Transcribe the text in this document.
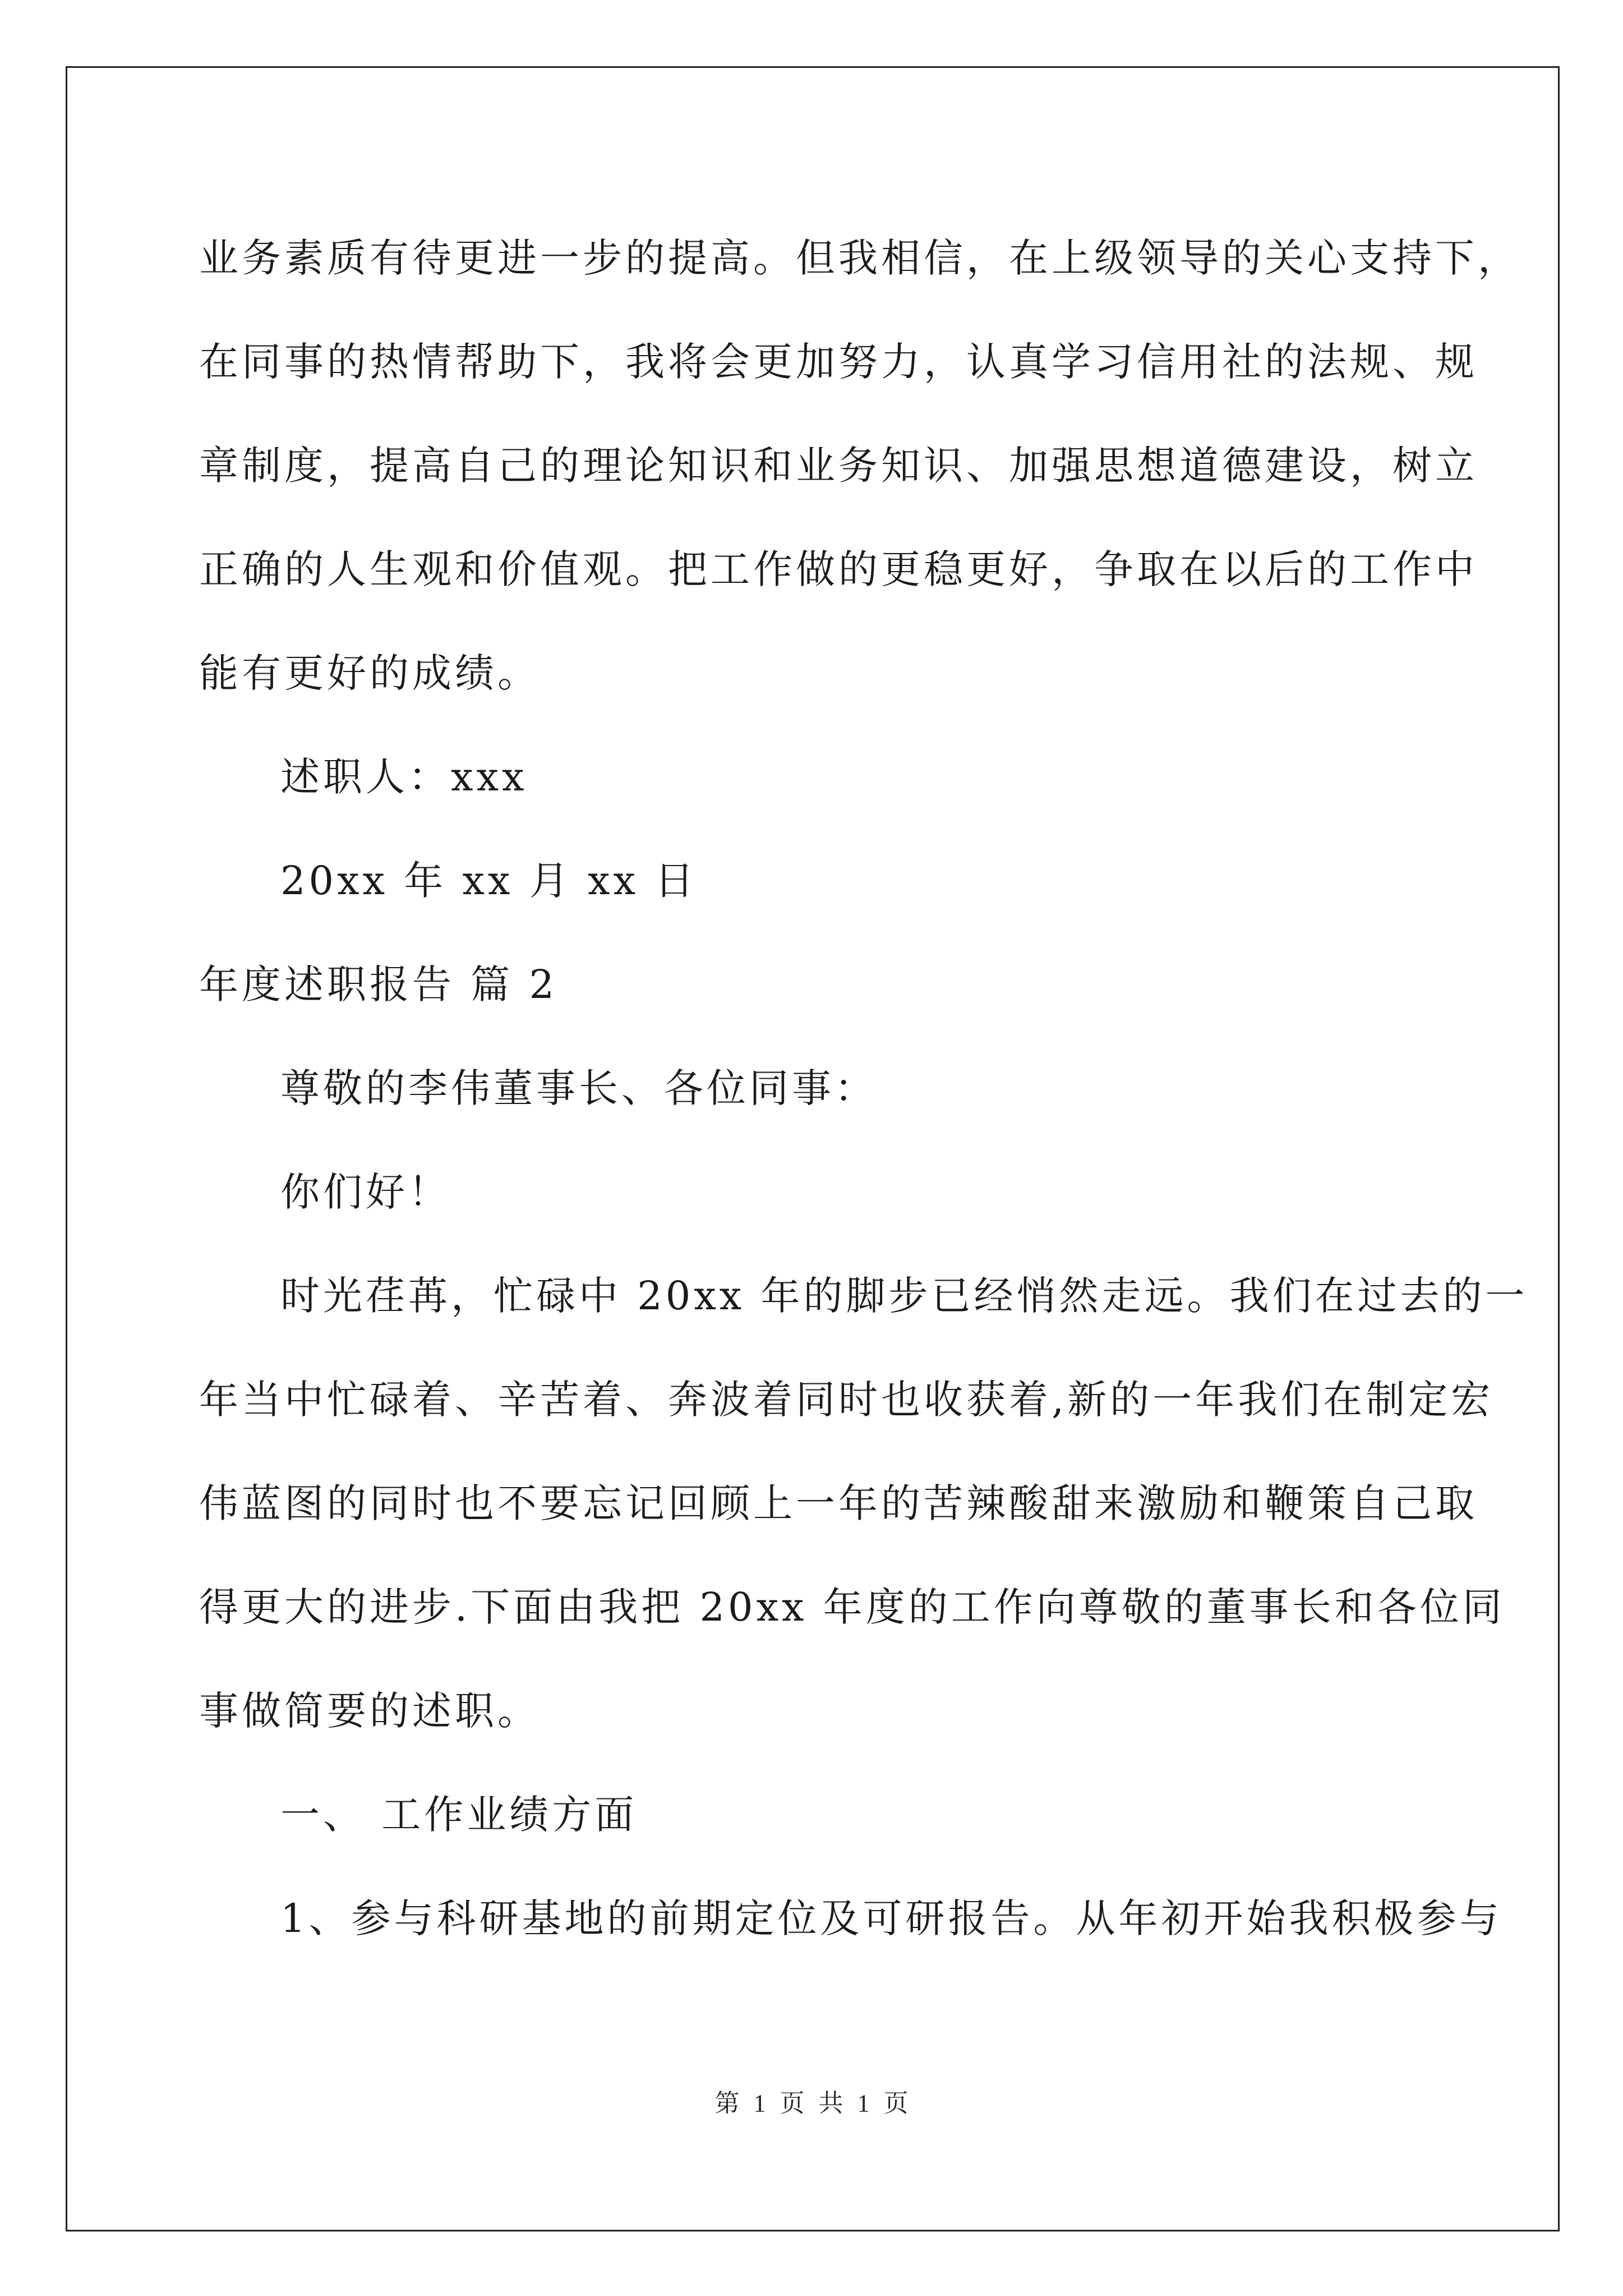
业务素质有待更进一步的提高。但我相信，在上级领导的关心支持下，
在同事的热情帮助下，我将会更加努力，认真学习信用社的法规、规
章制度，提高自己的理论知识和业务知识、加强思想道德建设，树立
正确的人生观和价值观。把工作做的更稳更好，争取在以后的工作中
能有更好的成绩。
述职人：xxx
20xx 年 xx 月 xx 日
年度述职报告 篇 2
尊敬的李伟董事长、各位同事：
你们好！
时光荏苒，忙碌中 20xx 年的脚步已经悄然走远。我们在过去的一
年当中忙碌着、辛苦着、奔波着同时也收获着,新的一年我们在制定宏
伟蓝图的同时也不要忘记回顾上一年的苦辣酸甜来激励和鞭策自己取
得更大的进步.下面由我把 20xx 年度的工作向尊敬的董事长和各位同
事做简要的述职。
一、 工作业绩方面
1、参与科研基地的前期定位及可研报告。从年初开始我积极参与
第 1 页 共 1 页
